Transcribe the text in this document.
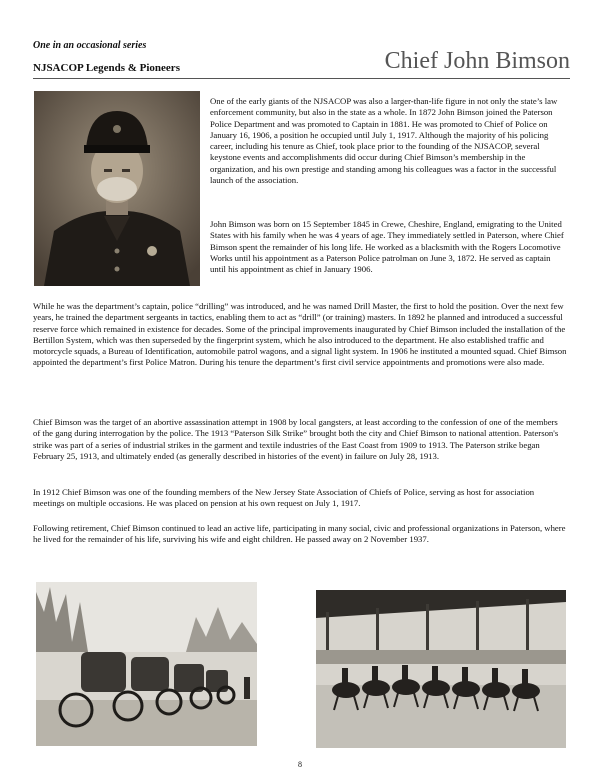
One in an occasional series
NJSACOP Legends & Pioneers	Chief John Bimson

One of the early giants of the NJSACOP was also a larger-than-life figure in not only the state’s law enforcement community, but also in the state as a whole. In 1872 John Bimson joined the Paterson Police Department and was promoted to Captain in 1881. He was promoted to Chief of Police on January 16, 1906, a position he occupied until July 1, 1917. Although the majority of his policing career, including his tenure as Chief, took place prior to the founding of the NJSACOP, several keystone events and accomplishments did occur during Chief Bimson’s membership in the organization, and his own prestige and standing among his colleagues was a factor in the successful launch of the association.

John Bimson was born on 15 September 1845 in Crewe, Cheshire, England, emigrating to the United States with his family when he was 4 years of age. They immediately settled in Paterson, where Chief Bimson spent the remainder of his long life. He worked as a blacksmith with the Rogers Locomotive Works until his appointment as a Paterson Police patrolman on June 3, 1872. He served as captain until his appointment as chief in January 1906.

While he was the department’s captain, police “drilling” was introduced, and he was named Drill Master, the first to hold the position. Over the next few years, he trained the department sergeants in tactics, enabling them to act as “drill” (or training) masters. In 1892 he planned and introduced a successful reserve force which remained in existence for decades. Some of the principal improvements inaugurated by Chief Bimson included the installation of the Bertillon System, which was then superseded by the fingerprint system, which he also introduced to the department. He also established traffic and motorcycle squads, a Bureau of Identification, automobile patrol wagons, and a signal light system. In 1906 he instituted a mounted squad. Chief Bimson appointed the department’s first Police Matron. During his tenure the department’s first civil service appointments and promotions were also made.

Chief Bimson was the target of an abortive assassination attempt in 1908 by local gangsters, at least according to the confession of one of the members of the gang during interrogation by the police. The 1913 “Paterson Silk Strike” brought both the city and Chief Bimson to national attention. Paterson's strike was part of a series of industrial strikes in the garment and textile industries of the East Coast from 1909 to 1913. The Paterson strike began February 25, 1913, and ultimately ended (as generally described in histories of the event) in failure on July 28, 1913.

In 1912 Chief Bimson was one of the founding members of the New Jersey State Association of Chiefs of Police, serving as host for association meetings on multiple occasions. He was placed on pension at his own request on July 1, 1917.

Following retirement, Chief Bimson continued to lead an active life, participating in many social, civic and professional organizations in Paterson, where he lived for the remainder of his life, surviving his wife and eight children. He passed away on 2 November 1937.

8
